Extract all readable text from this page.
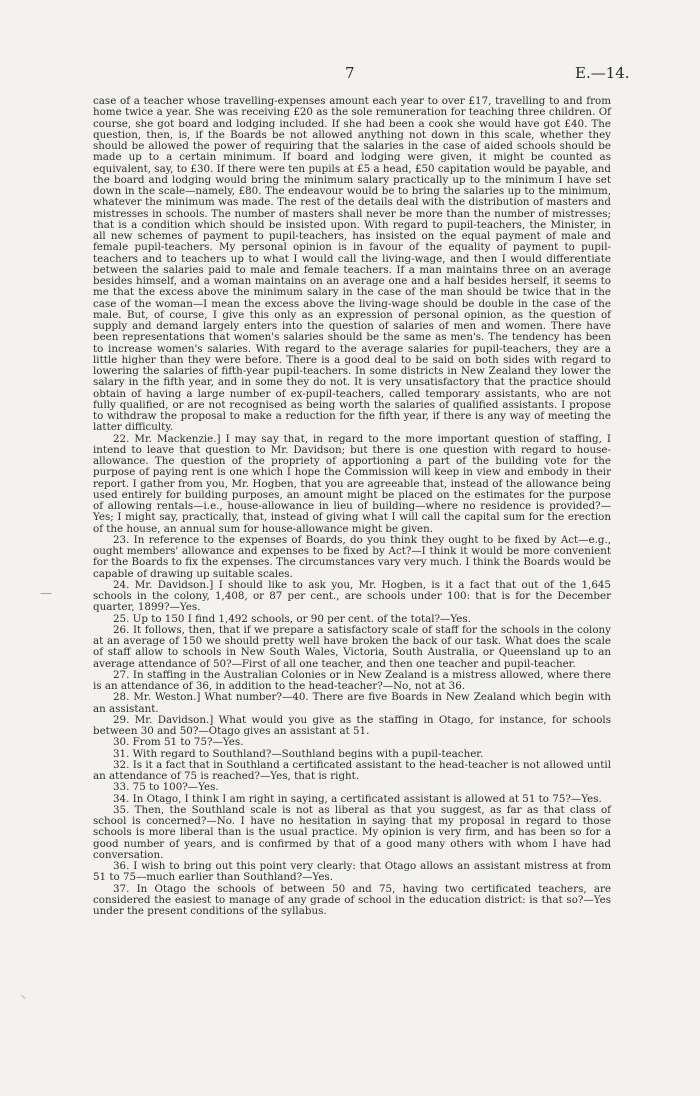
7	E.—14.
—
⸜

case of a teacher whose travelling-expenses amount each year to over £17, travelling to and from home twice a year. She was receiving £20 as the sole remuneration for teaching three children. Of course, she got board and lodging included. If she had been a cook she would have got £40. The question, then, is, if the Boards be not allowed anything not down in this scale, whether they should be allowed the power of requiring that the salaries in the case of aided schools should be made up to a certain minimum. If board and lodging were given, it might be counted as equivalent, say, to £30. If there were ten pupils at £5 a head, £50 capitation would be payable, and the board and lodging would bring the minimum salary practically up to the minimum I have set down in the scale—namely, £80. The endeavour would be to bring the salaries up to the minimum, whatever the minimum was made. The rest of the details deal with the distribution of masters and mistresses in schools. The number of masters shall never be more than the number of mistresses; that is a condition which should be insisted upon. With regard to pupil-teachers, the Minister, in all new schemes of payment to pupil-teachers, has insisted on the equal payment of male and female pupil-teachers. My personal opinion is in favour of the equality of payment to pupil-teachers and to teachers up to what I would call the living-wage, and then I would differentiate between the salaries paid to male and female teachers. If a man maintains three on an average besides himself, and a woman maintains on an average one and a half besides herself, it seems to me that the excess above the minimum salary in the case of the man should be twice that in the case of the woman—I mean the excess above the living-wage should be double in the case of the male. But, of course, I give this only as an expression of personal opinion, as the question of supply and demand largely enters into the question of salaries of men and women. There have been representations that women's salaries should be the same as men's. The tendency has been to increase women's salaries. With regard to the average salaries for pupil-teachers, they are a little higher than they were before. There is a good deal to be said on both sides with regard to lowering the salaries of fifth-year pupil-teachers. In some districts in New Zealand they lower the salary in the fifth year, and in some they do not. It is very unsatisfactory that the practice should obtain of having a large number of ex-pupil-teachers, called temporary assistants, who are not fully qualified, or are not recognised as being worth the salaries of qualified assistants. I propose to withdraw the proposal to make a reduction for the fifth year, if there is any way of meeting the latter difficulty.

22. Mr. Mackenzie.] I may say that, in regard to the more important question of staffing, I intend to leave that question to Mr. Davidson; but there is one question with regard to house-allowance. The question of the propriety of apportioning a part of the building vote for the purpose of paying rent is one which I hope the Commission will keep in view and embody in their report. I gather from you, Mr. Hogben, that you are agreeable that, instead of the allowance being used entirely for building purposes, an amount might be placed on the estimates for the purpose of allowing rentals—i.e., house-allowance in lieu of building—where no residence is provided?—Yes; I might say, practically, that, instead of giving what I will call the capital sum for the erection of the house, an annual sum for house-allowance might be given.

23. In reference to the expenses of Boards, do you think they ought to be fixed by Act—e.g., ought members' allowance and expenses to be fixed by Act?—I think it would be more convenient for the Boards to fix the expenses. The circumstances vary very much. I think the Boards would be capable of drawing up suitable scales.

24. Mr. Davidson.] I should like to ask you, Mr. Hogben, is it a fact that out of the 1,645 schools in the colony, 1,408, or 87 per cent., are schools under 100: that is for the December quarter, 1899?—Yes.

25. Up to 150 I find 1,492 schools, or 90 per cent. of the total?—Yes.

26. It follows, then, that if we prepare a satisfactory scale of staff for the schools in the colony at an average of 150 we should pretty well have broken the back of our task. What does the scale of staff allow to schools in New South Wales, Victoria, South Australia, or Queensland up to an average attendance of 50?—First of all one teacher, and then one teacher and pupil-teacher.

27. In staffing in the Australian Colonies or in New Zealand is a mistress allowed, where there is an attendance of 36, in addition to the head-teacher?—No, not at 36.

28. Mr. Weston.] What number?—40. There are five Boards in New Zealand which begin with an assistant.

29. Mr. Davidson.] What would you give as the staffing in Otago, for instance, for schools between 30 and 50?—Otago gives an assistant at 51.

30. From 51 to 75?—Yes.

31. With regard to Southland?—Southland begins with a pupil-teacher.

32. Is it a fact that in Southland a certificated assistant to the head-teacher is not allowed until an attendance of 75 is reached?—Yes, that is right.

33. 75 to 100?—Yes.

34. In Otago, I think I am right in saying, a certificated assistant is allowed at 51 to 75?—Yes.

35. Then, the Southland scale is not as liberal as that you suggest, as far as that class of school is concerned?—No. I have no hesitation in saying that my proposal in regard to those schools is more liberal than is the usual practice. My opinion is very firm, and has been so for a good number of years, and is confirmed by that of a good many others with whom I have had conversation.

36. I wish to bring out this point very clearly: that Otago allows an assistant mistress at from 51 to 75—much earlier than Southland?—Yes.

37. In Otago the schools of between 50 and 75, having two certificated teachers, are considered the easiest to manage of any grade of school in the education district: is that so?—Yes under the present conditions of the syllabus.
